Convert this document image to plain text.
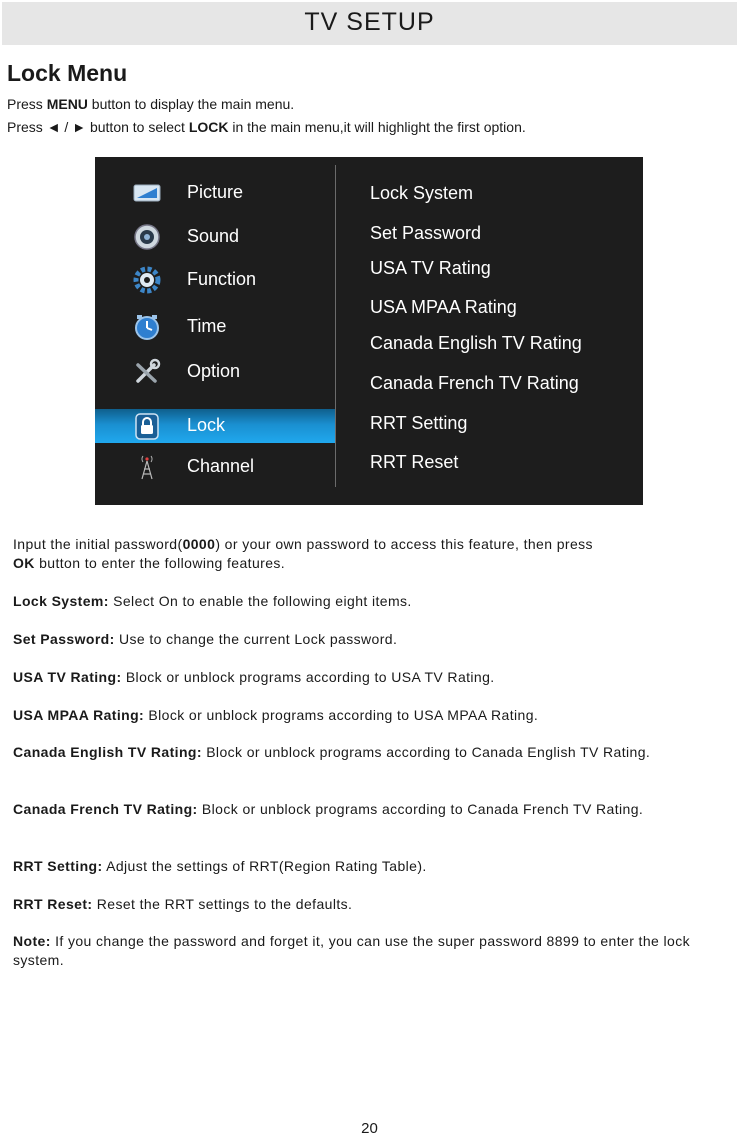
TV SETUP
Lock Menu
Press MENU button to display the main menu.
Press ◄ / ► button to select LOCK in the main menu,it will highlight the first option.
Picture
Sound
Function
Time
Option
Lock
Channel
Lock System
Set Password
USA TV Rating
USA MPAA Rating
Canada English TV Rating
Canada French TV Rating
RRT Setting
RRT Reset
Input the initial password(0000) or your own password to access this feature, then press
OK button to enter the following features.
Lock System: Select On to enable the following eight items.
Set Password: Use to change the current Lock password.
USA TV Rating: Block or unblock programs according to USA TV Rating.
USA MPAA Rating: Block or unblock programs according to USA MPAA Rating.
Canada English TV Rating: Block or unblock programs according to Canada English TV Rating.
Canada French TV Rating: Block or unblock programs according to Canada French TV Rating.
RRT Setting: Adjust the settings of RRT(Region Rating Table).
RRT Reset: Reset the RRT settings to the defaults.
Note: If you change the password and forget it, you can use the super password 8899 to enter the lock system.
20
